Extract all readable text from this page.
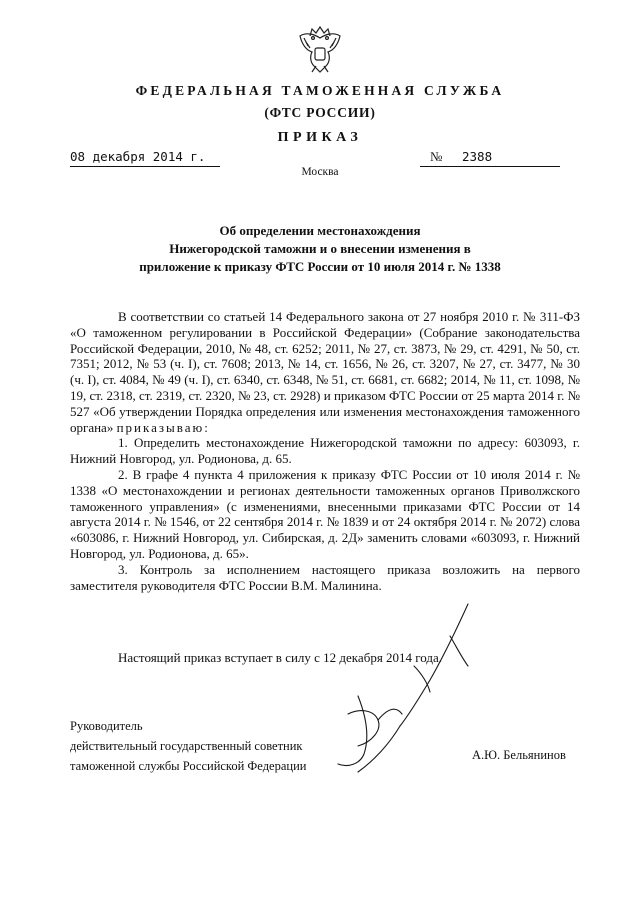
ФЕДЕРАЛЬНАЯ ТАМОЖЕННАЯ СЛУЖБА
(ФТС РОССИИ)
ПРИКАЗ
08 декабря 2014 г.	№ 2388
Москва
Об определении местонахождения
Нижегородской таможни и о внесении изменения в
приложение к приказу ФТС России от 10 июля 2014 г. № 1338

В соответствии со статьей 14 Федерального закона от 27 ноября 2010 г. № 311-ФЗ «О таможенном регулировании в Российской Федерации» (Собрание законодательства Российской Федерации, 2010, № 48, ст. 6252; 2011, № 27, ст. 3873, № 29, ст. 4291, № 50, ст. 7351; 2012, № 53 (ч. I), ст. 7608; 2013, № 14, ст. 1656, № 26, ст. 3207, № 27, ст. 3477, № 30 (ч. I), ст. 4084, № 49 (ч. I), ст. 6340, ст. 6348, № 51, ст. 6681, ст. 6682; 2014, № 11, ст. 1098, № 19, ст. 2318, ст. 2319, ст. 2320, № 23, ст. 2928) и приказом ФТС России от 25 марта 2014 г. № 527 «Об утверждении Порядка определения или изменения местонахождения таможенного органа» приказываю:

1. Определить местонахождение Нижегородской таможни по адресу: 603093, г. Нижний Новгород, ул. Родионова, д. 65.

2. В графе 4 пункта 4 приложения к приказу ФТС России от 10 июля 2014 г. № 1338 «О местонахождении и регионах деятельности таможенных органов Приволжского таможенного управления» (с изменениями, внесенными приказами ФТС России от 14 августа 2014 г. № 1546, от 22 сентября 2014 г. № 1839 и от 24 октября 2014 г. № 2072) слова «603086, г. Нижний Новгород, ул. Сибирская, д. 2Д» заменить словами «603093, г. Нижний Новгород, ул. Родионова, д. 65».

3. Контроль за исполнением настоящего приказа возложить на первого заместителя руководителя ФТС России В.М. Малинина.

Настоящий приказ вступает в силу с 12 декабря 2014 года.
Руководитель
действительный государственный советник
таможенной службы Российской Федерации
А.Ю. Бельянинов
